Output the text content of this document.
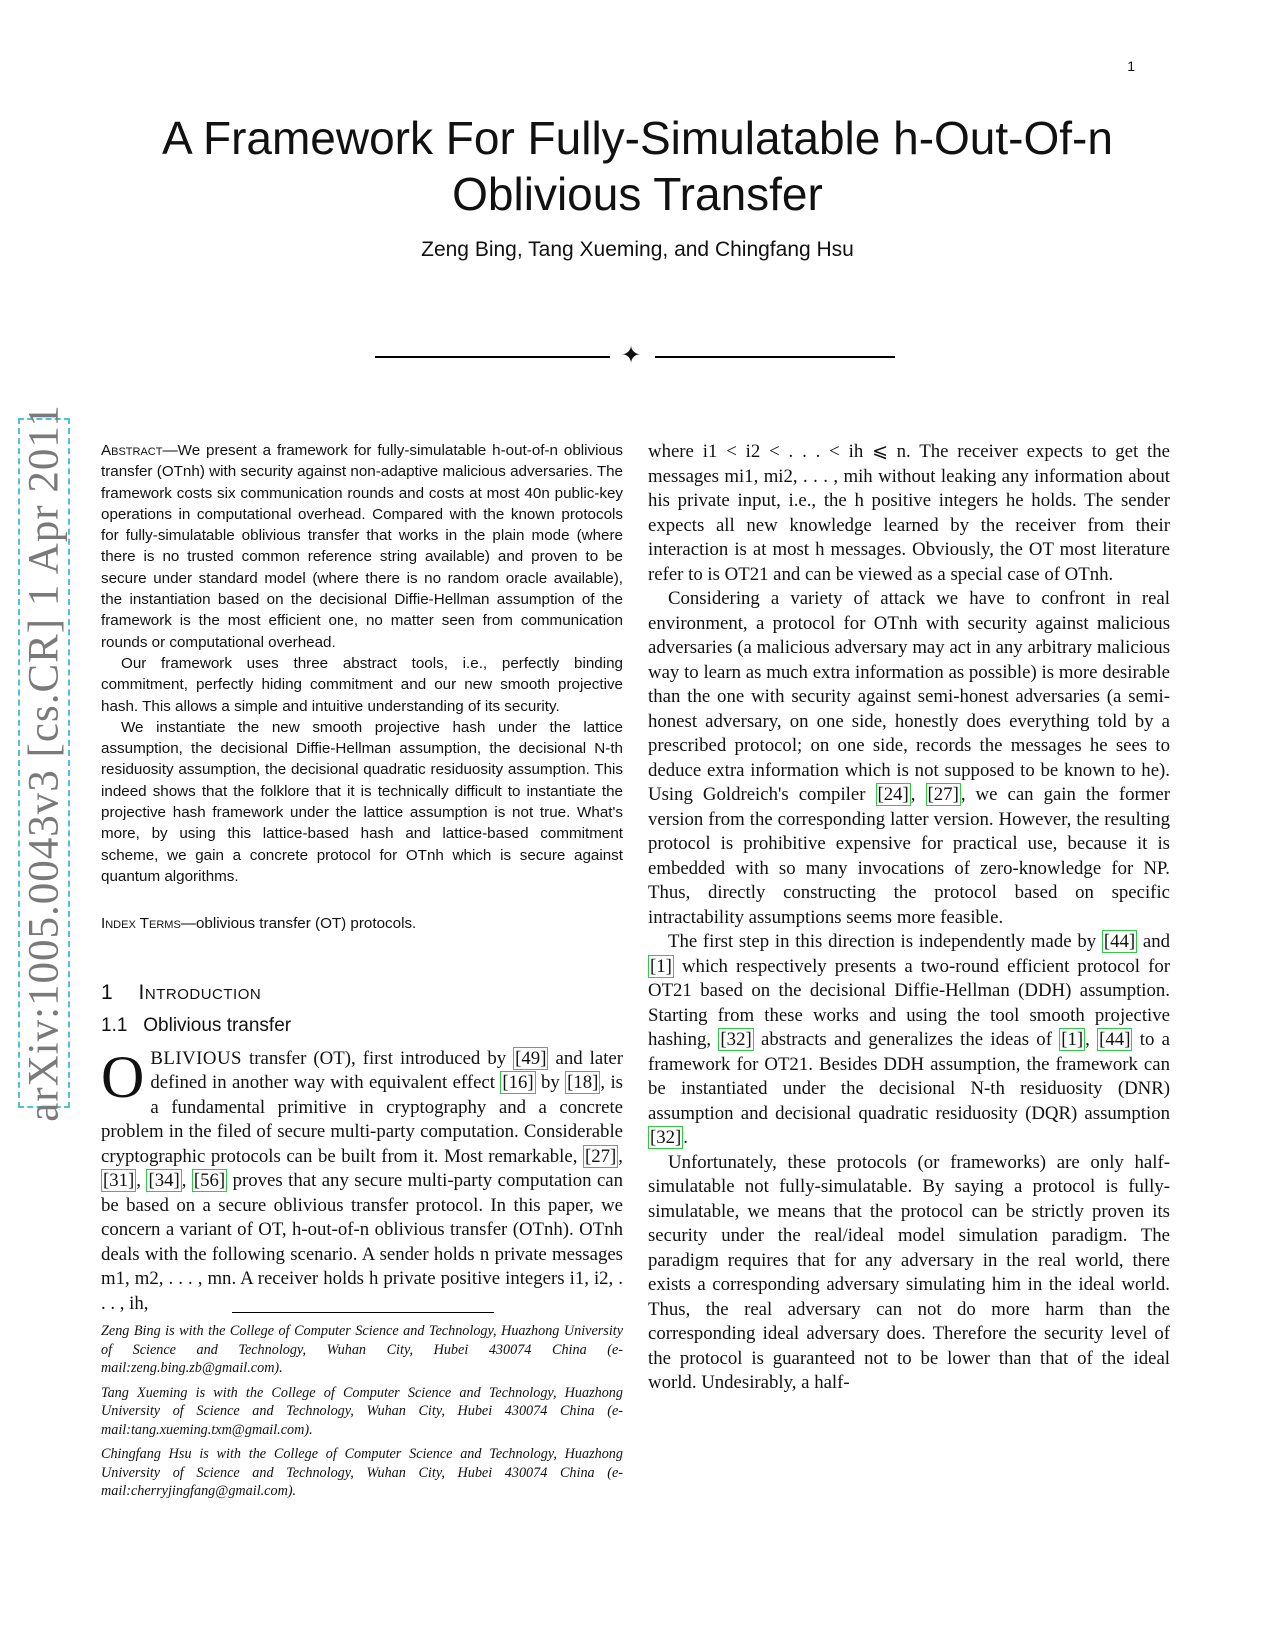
1
A Framework For Fully-Simulatable h-Out-Of-n
Oblivious Transfer
Zeng Bing, Tang Xueming, and Chingfang Hsu
✦
arXiv:1005.0043v3 [cs.CR] 1 Apr 2011 Abstract—We present a framework for fully-simulatable h-out-of-n oblivious transfer (OTnh) with security against non-adaptive malicious adversaries. The framework costs six communication rounds and costs at most 40n public-key operations in computational overhead. Compared with the known protocols for fully-simulatable oblivious transfer that works in the plain mode (where there is no trusted common reference string available) and proven to be secure under standard model (where there is no random oracle available), the instantiation based on the decisional Diffie-Hellman assumption of the framework is the most efficient one, no matter seen from communication rounds or computational overhead.

Our framework uses three abstract tools, i.e., perfectly binding commitment, perfectly hiding commitment and our new smooth projective hash. This allows a simple and intuitive understanding of its security.

We instantiate the new smooth projective hash under the lattice assumption, the decisional Diffie-Hellman assumption, the decisional N-th residuosity assumption, the decisional quadratic residuosity assumption. This indeed shows that the folklore that it is technically difficult to instantiate the projective hash framework under the lattice assumption is not true. What's more, by using this lattice-based hash and lattice-based commitment scheme, we gain a concrete protocol for OTnh which is secure against quantum algorithms.

Index Terms—oblivious transfer (OT) protocols.

1 Introduction
1.1 Oblivious transfer

OBLIVIOUS transfer (OT), first introduced by [49] and later defined in another way with equivalent effect [16] by [18] , is a fundamental primitive in cryptography and a concrete problem in the filed of secure multi-party computation. Considerable cryptographic protocols can be built from it. Most remarkable, [27] , [31] , [34] , [56] proves that any secure multi-party computation can be based on a secure oblivious transfer protocol. In this paper, we concern a variant of OT, h-out-of-n oblivious transfer (OTnh). OTnh deals with the following scenario. A sender holds n private messages m1, m2, . . . , mn. A receiver holds h private positive integers i1, i2, . . . , ih,

Zeng Bing is with the College of Computer Science and Technology, Huazhong University of Science and Technology, Wuhan City, Hubei 430074 China (e-mail:zeng.bing.zb@gmail.com).

Tang Xueming is with the College of Computer Science and Technology, Huazhong University of Science and Technology, Wuhan City, Hubei 430074 China (e-mail:tang.xueming.txm@gmail.com).

Chingfang Hsu is with the College of Computer Science and Technology, Huazhong University of Science and Technology, Wuhan City, Hubei 430074 China (e-mail:cherryjingfang@gmail.com).

where i1 < i2 < . . . < ih ⩽ n. The receiver expects to get the messages mi1, mi2, . . . , mih without leaking any information about his private input, i.e., the h positive integers he holds. The sender expects all new knowledge learned by the receiver from their interaction is at most h messages. Obviously, the OT most literature refer to is OT21 and can be viewed as a special case of OTnh.

Considering a variety of attack we have to confront in real environment, a protocol for OTnh with security against malicious adversaries (a malicious adversary may act in any arbitrary malicious way to learn as much extra information as possible) is more desirable than the one with security against semi-honest adversaries (a semi-honest adversary, on one side, honestly does everything told by a prescribed protocol; on one side, records the messages he sees to deduce extra information which is not supposed to be known to he). Using Goldreich's compiler [24] , [27] , we can gain the former version from the corresponding latter version. However, the resulting protocol is prohibitive expensive for practical use, because it is embedded with so many invocations of zero-knowledge for NP. Thus, directly constructing the protocol based on specific intractability assumptions seems more feasible.

The first step in this direction is independently made by [44] and [1] which respectively presents a two-round efficient protocol for OT21 based on the decisional Diffie-Hellman (DDH) assumption. Starting from these works and using the tool smooth projective hashing, [32] abstracts and generalizes the ideas of [1] , [44] to a framework for OT21. Besides DDH assumption, the framework can be instantiated under the decisional N-th residuosity (DNR) assumption and decisional quadratic residuosity (DQR) assumption [32] .

Unfortunately, these protocols (or frameworks) are only half-simulatable not fully-simulatable. By saying a protocol is fully-simulatable, we means that the protocol can be strictly proven its security under the real/ideal model simulation paradigm. The paradigm requires that for any adversary in the real world, there exists a corresponding adversary simulating him in the ideal world. Thus, the real adversary can not do more harm than the corresponding ideal adversary does. Therefore the security level of the protocol is guaranteed not to be lower than that of the ideal world. Undesirably, a half-
